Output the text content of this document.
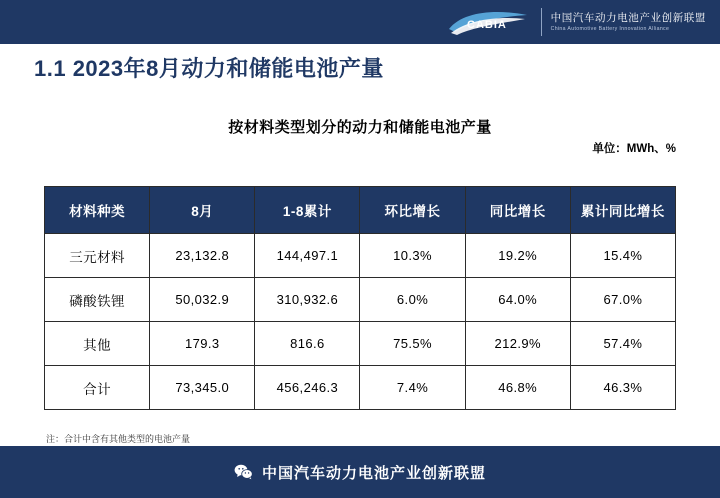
CABIA
中国汽车动力电池产业创新联盟
China Automotive Battery Innovation Alliance
1.1 2023年8月动力和储能电池产量
按材料类型划分的动力和储能电池产量
单位：MWh、%
材料种类	8月	1-8累计	环比增长	同比增长	累计同比增长
三元材料	23,132.8	144,497.1	10.3%	19.2%	15.4%
磷酸铁锂	50,032.9	310,932.6	6.0%	64.0%	67.0%
其他	179.3	816.6	75.5%	212.9%	57.4%
合计	73,345.0	456,246.3	7.4%	46.8%	46.3%
注：合计中含有其他类型的电池产量
中国汽车动力电池产业创新联盟
